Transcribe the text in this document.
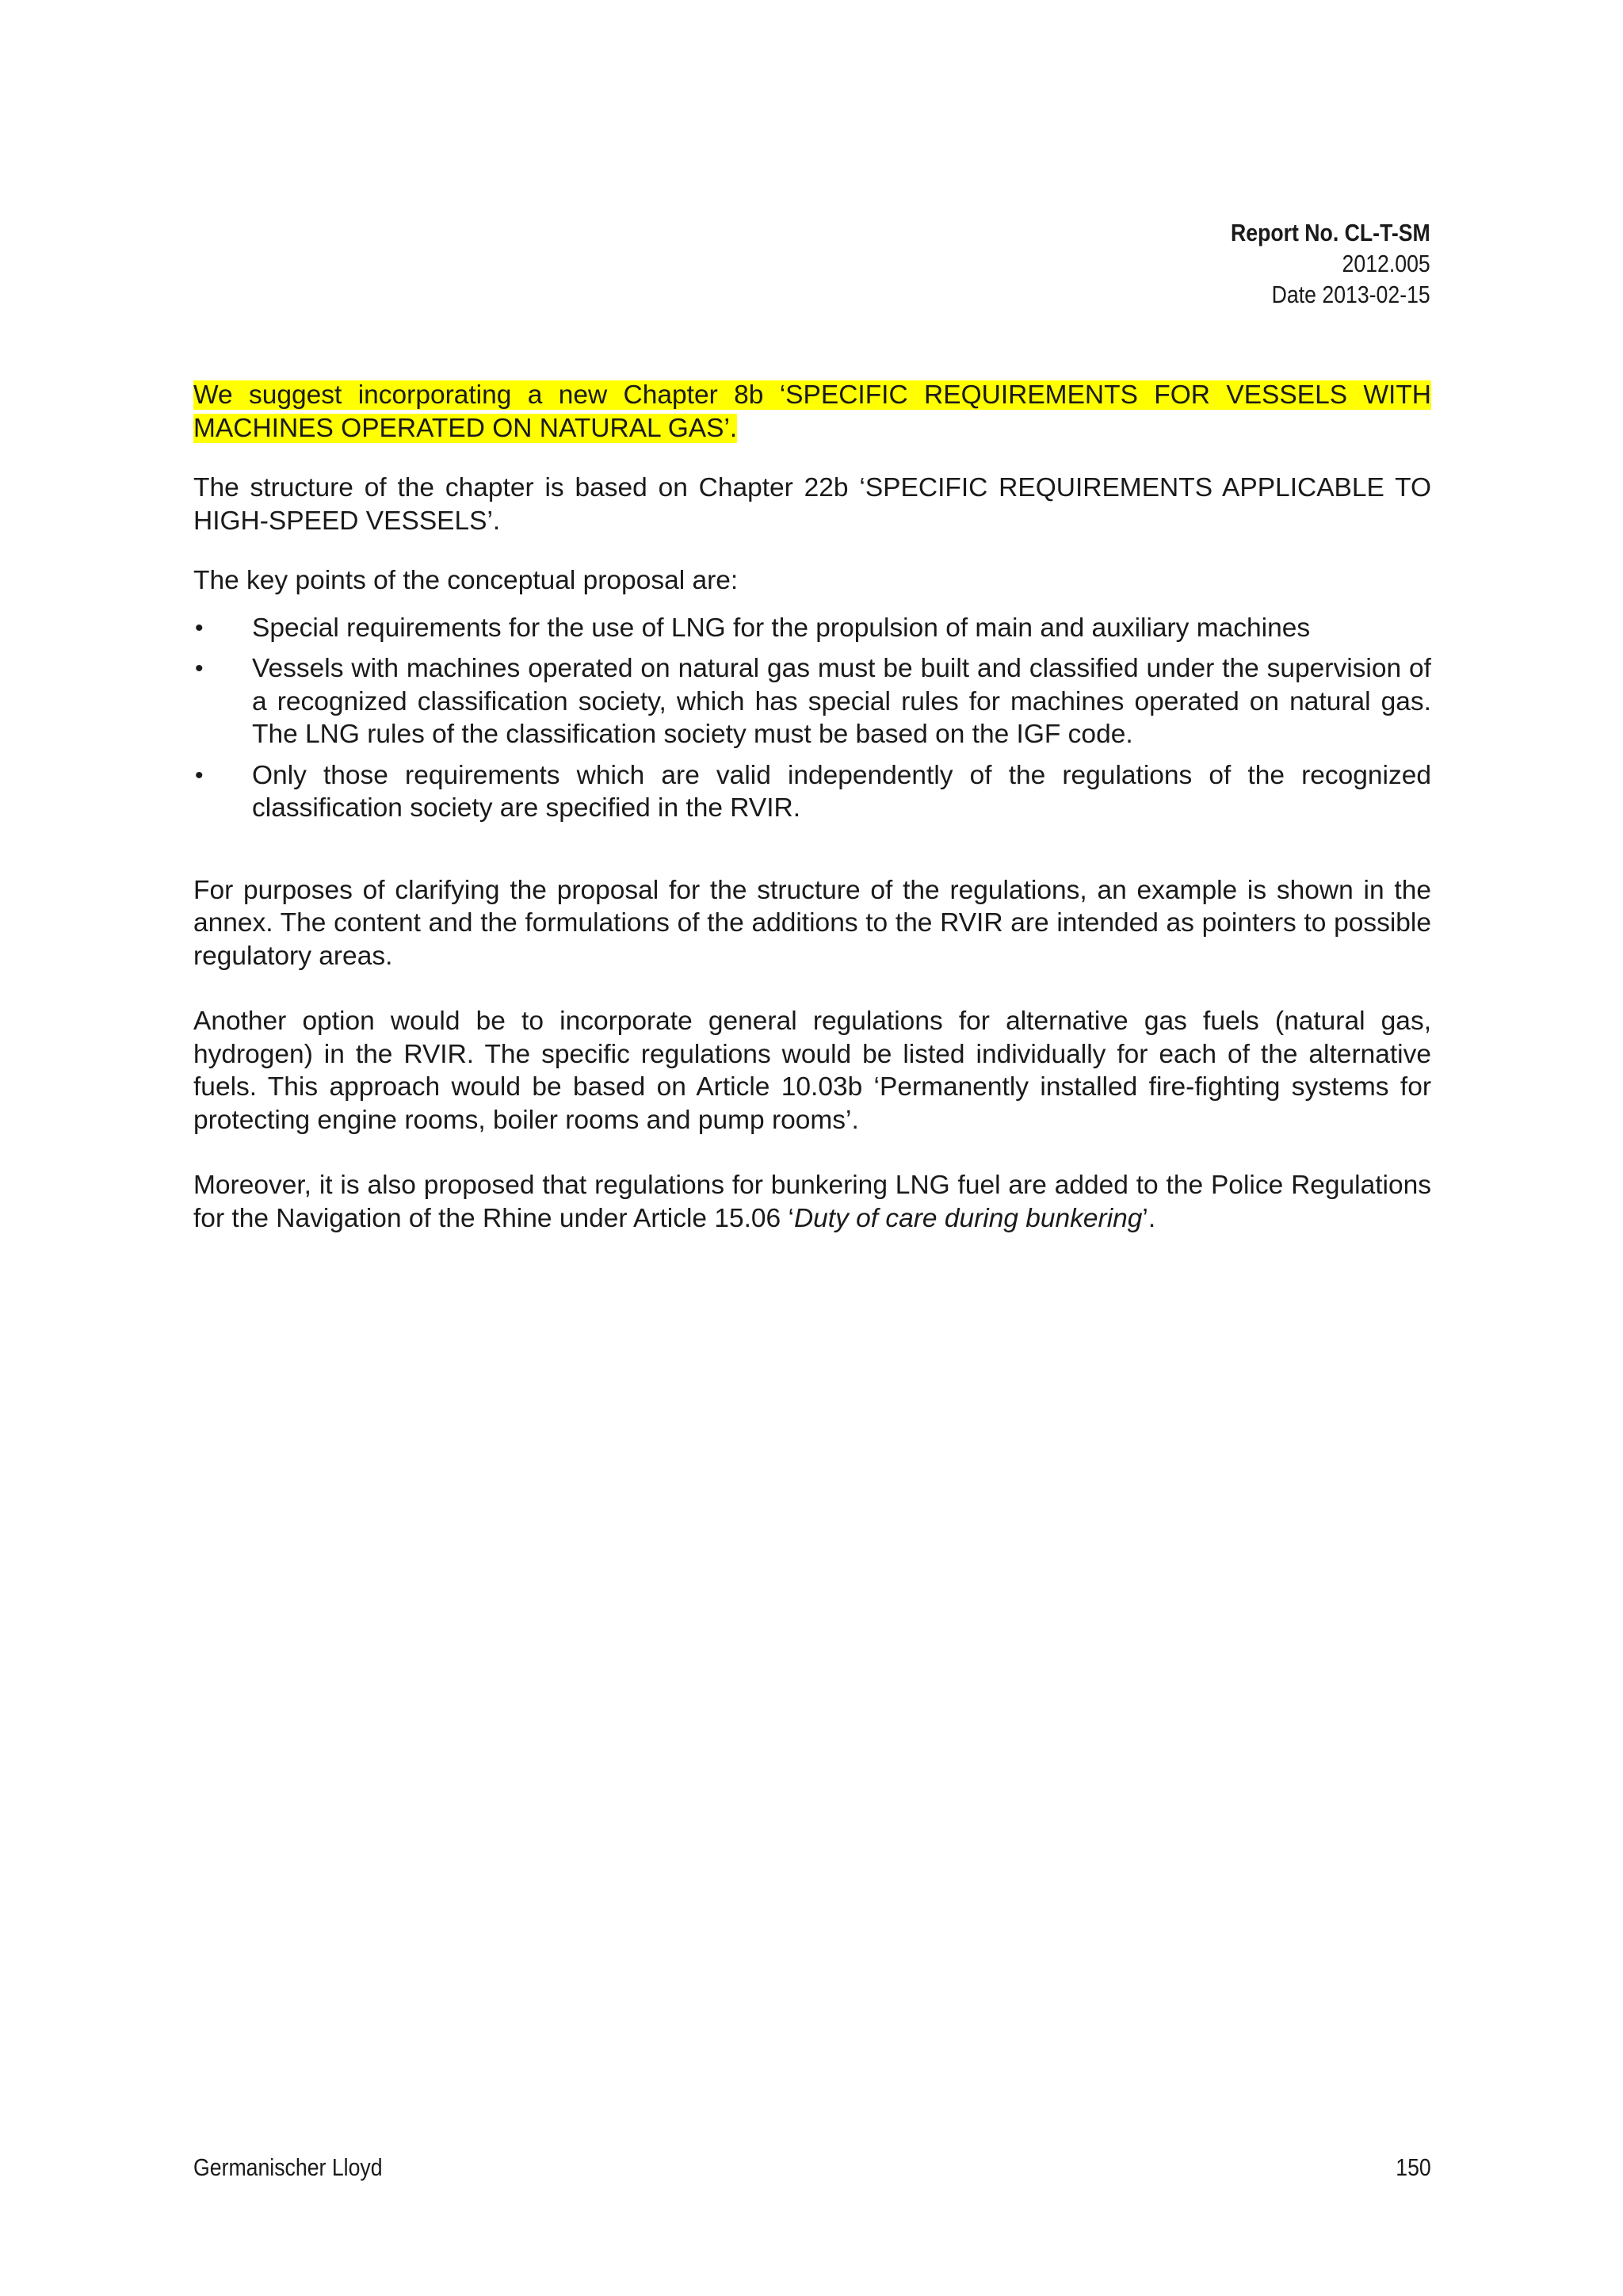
Report No. CL-T-SM
2012.005
Date 2013-02-15

We suggest incorporating a new Chapter 8b ‘SPECIFIC REQUIREMENTS FOR VESSELS WITH MACHINES OPERATED ON NATURAL GAS’.

The structure of the chapter is based on Chapter 22b ‘SPECIFIC REQUIREMENTS APPLICABLE TO HIGH-SPEED VESSELS’.

The key points of the conceptual proposal are:

• Special requirements for the use of LNG for the propulsion of main and auxiliary machines
• Vessels with machines operated on natural gas must be built and classified under the supervision of a recognized classification society, which has special rules for machines operated on natural gas. The LNG rules of the classification society must be based on the IGF code.
• Only those requirements which are valid independently of the regulations of the recognized classification society are specified in the RVIR.

For purposes of clarifying the proposal for the structure of the regulations, an example is shown in the annex. The content and the formulations of the additions to the RVIR are intended as pointers to possible regulatory areas.

Another option would be to incorporate general regulations for alternative gas fuels (natural gas, hydrogen) in the RVIR. The specific regulations would be listed individually for each of the alternative fuels. This approach would be based on Article 10.03b ‘Permanently installed fire-fighting systems for protecting engine rooms, boiler rooms and pump rooms’.

Moreover, it is also proposed that regulations for bunkering LNG fuel are added to the Police Regulations for the Navigation of the Rhine under Article 15.06 ‘Duty of care during bunkering’.

Germanischer Lloyd	150
